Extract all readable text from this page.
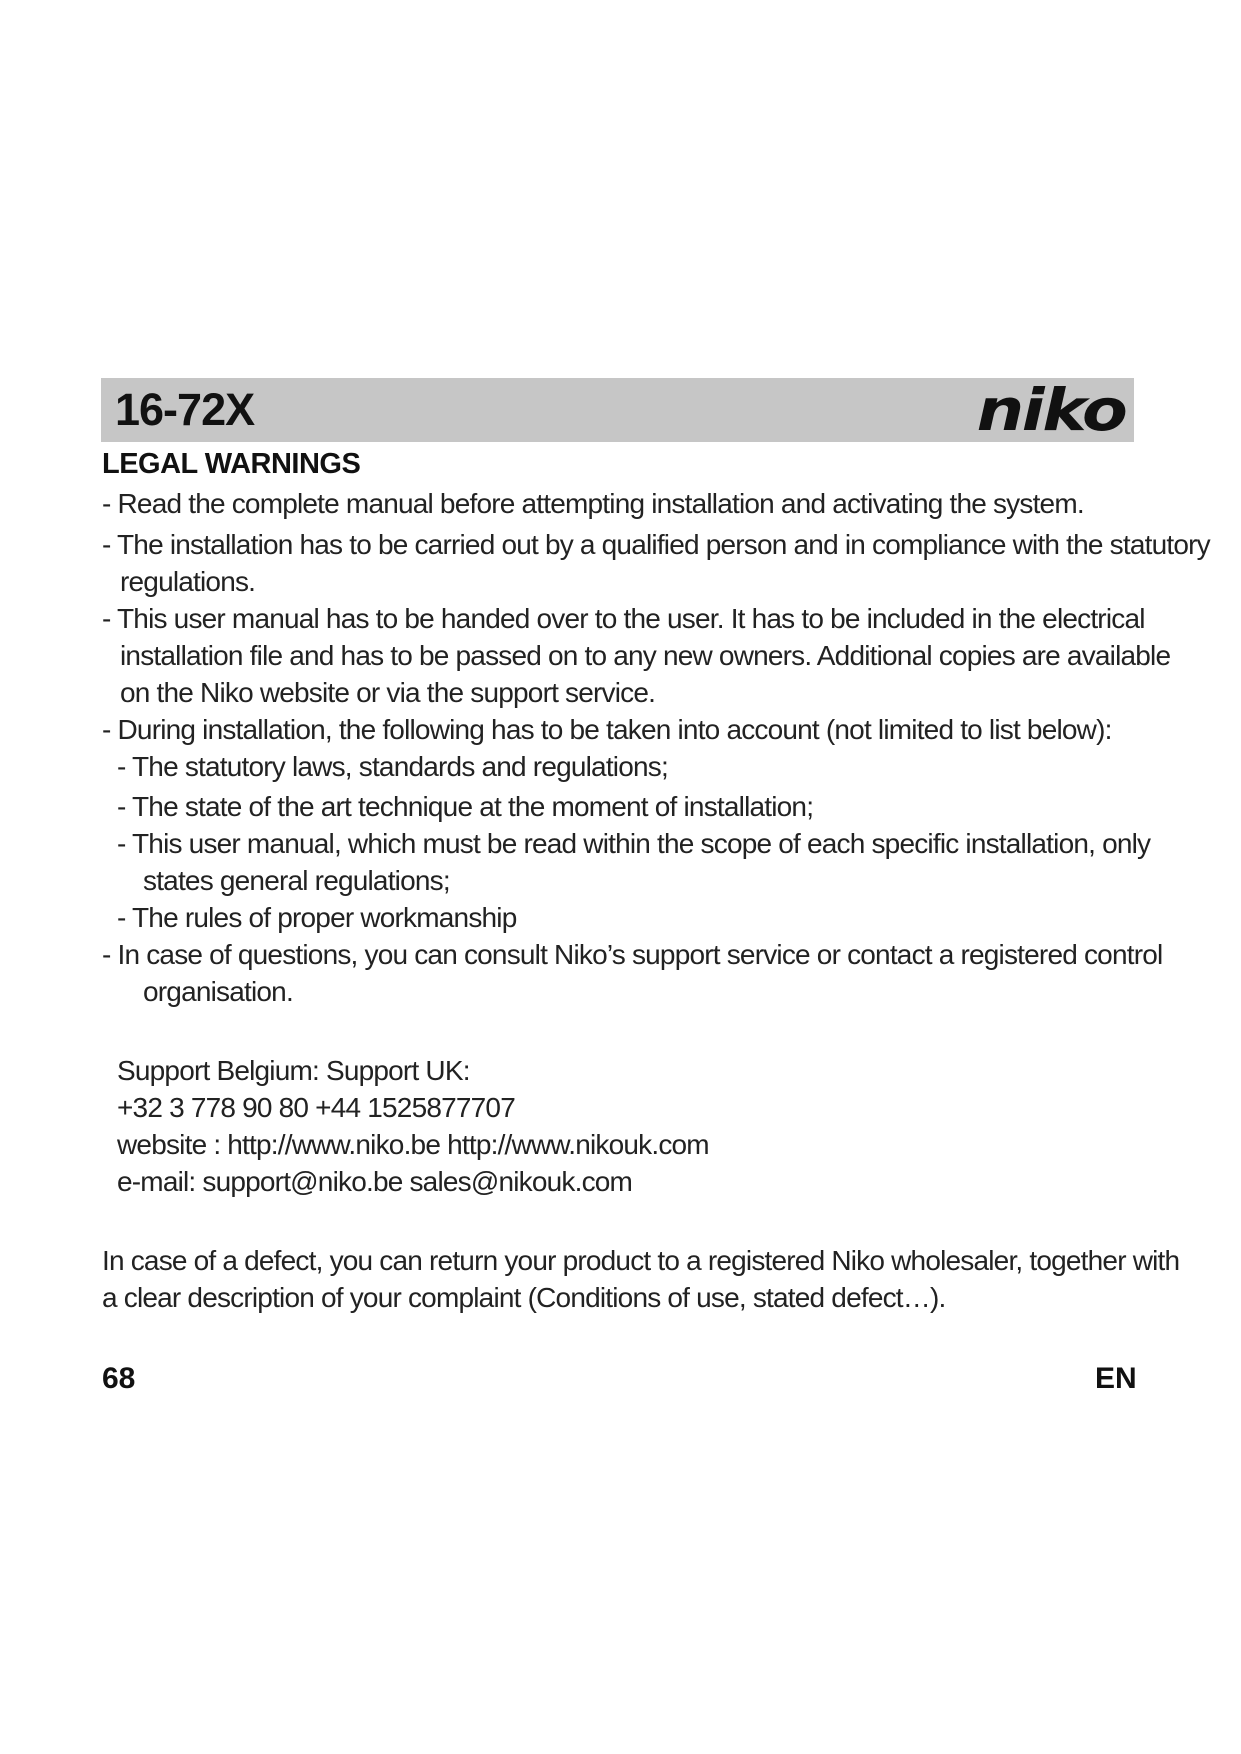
16-72X	niko
LEGAL WARNINGS
- Read the complete manual before attempting installation and activating the system.
- The installation has to be carried out by a qualified person and in compliance with the statutory
regulations.
- This user manual has to be handed over to the user. It has to be included in the electrical
installation file and has to be passed on to any new owners. Additional copies are available
on the Niko website or via the support service.
- During installation, the following has to be taken into account (not limited to list below):
- The statutory laws, standards and regulations;
- The state of the art technique at the moment of installation;
- This user manual, which must be read within the scope of each specific installation, only
states general regulations;
- The rules of proper workmanship
- In case of questions, you can consult Niko’s support service or contact a registered control
organisation.
Support Belgium: Support UK:
+32 3 778 90 80 +44 1525877707
website : http://www.niko.be http://www.nikouk.com
e-mail: support@niko.be sales@nikouk.com
In case of a defect, you can return your product to a registered Niko wholesaler, together with
a clear description of your complaint (Conditions of use, stated defect…).
68	EN
